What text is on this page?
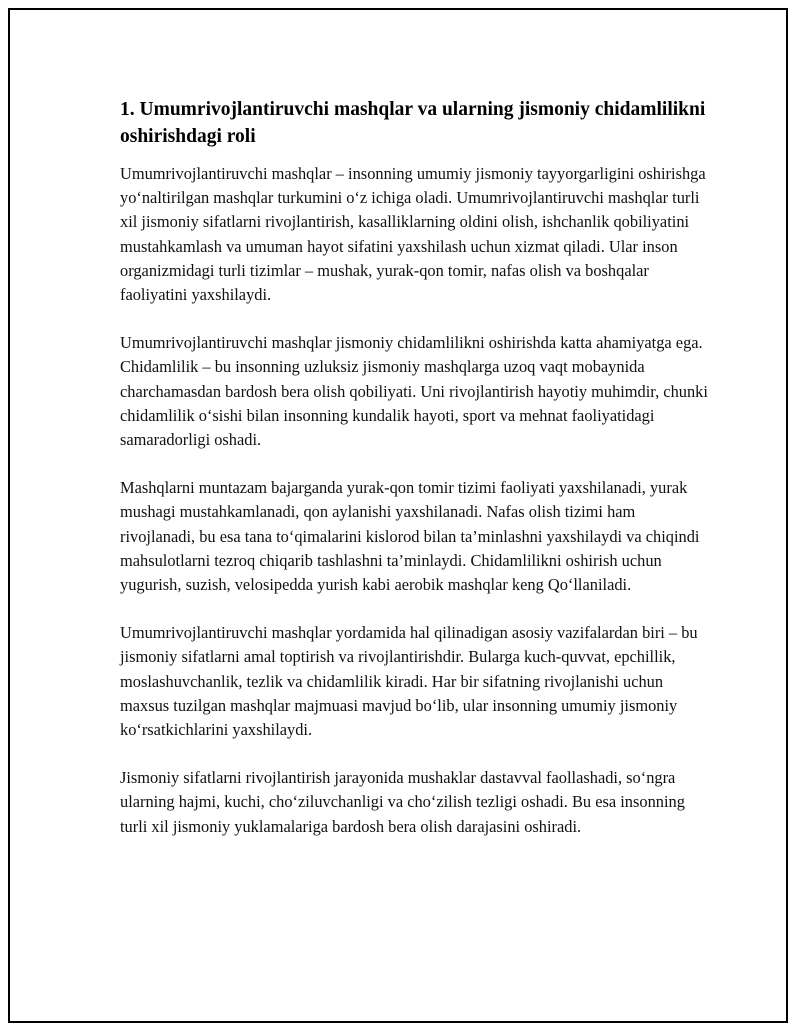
1. Umumrivojlantiruvchi mashqlar va ularning jismoniy chidamlilikni oshirishdagi roli

Umumrivojlantiruvchi mashqlar – insonning umumiy jismoniy tayyorgarligini oshirishga yo‘naltirilgan mashqlar turkumini o‘z ichiga oladi. Umumrivojlantiruvchi mashqlar turli xil jismoniy sifatlarni rivojlantirish, kasalliklarning oldini olish, ishchanlik qobiliyatini mustahkamlash va umuman hayot sifatini yaxshilash uchun xizmat qiladi. Ular inson organizmidagi turli tizimlar – mushak, yurak-qon tomir, nafas olish va boshqalar faoliyatini yaxshilaydi.

Umumrivojlantiruvchi mashqlar jismoniy chidamlilikni oshirishda katta ahamiyatga ega. Chidamlilik – bu insonning uzluksiz jismoniy mashqlarga uzoq vaqt mobaynida charchamasdan bardosh bera olish qobiliyati. Uni rivojlantirish hayotiy muhimdir, chunki chidamlilik o‘sishi bilan insonning kundalik hayoti, sport va mehnat faoliyatidagi samaradorligi oshadi.

Mashqlarni muntazam bajarganda yurak-qon tomir tizimi faoliyati yaxshilanadi, yurak mushagi mustahkamlanadi, qon aylanishi yaxshilanadi. Nafas olish tizimi ham rivojlanadi, bu esa tana to‘qimalarini kislorod bilan ta’minlashni yaxshilaydi va chiqindi mahsulotlarni tezroq chiqarib tashlashni ta’minlaydi. Chidamlilikni oshirish uchun yugurish, suzish, velosipedda yurish kabi aerobik mashqlar keng Qo‘llaniladi.

Umumrivojlantiruvchi mashqlar yordamida hal qilinadigan asosiy vazifalardan biri – bu jismoniy sifatlarni amal toptirish va rivojlantirishdir. Bularga kuch-quvvat, epchillik, moslashuvchanlik, tezlik va chidamlilik kiradi. Har bir sifatning rivojlanishi uchun maxsus tuzilgan mashqlar majmuasi mavjud bo‘lib, ular insonning umumiy jismoniy ko‘rsatkichlarini yaxshilaydi.

Jismoniy sifatlarni rivojlantirish jarayonida mushaklar dastavval faollashadi, so‘ngra ularning hajmi, kuchi, cho‘ziluvchanligi va cho‘zilish tezligi oshadi. Bu esa insonning turli xil jismoniy yuklamalariga bardosh bera olish darajasini oshiradi.
